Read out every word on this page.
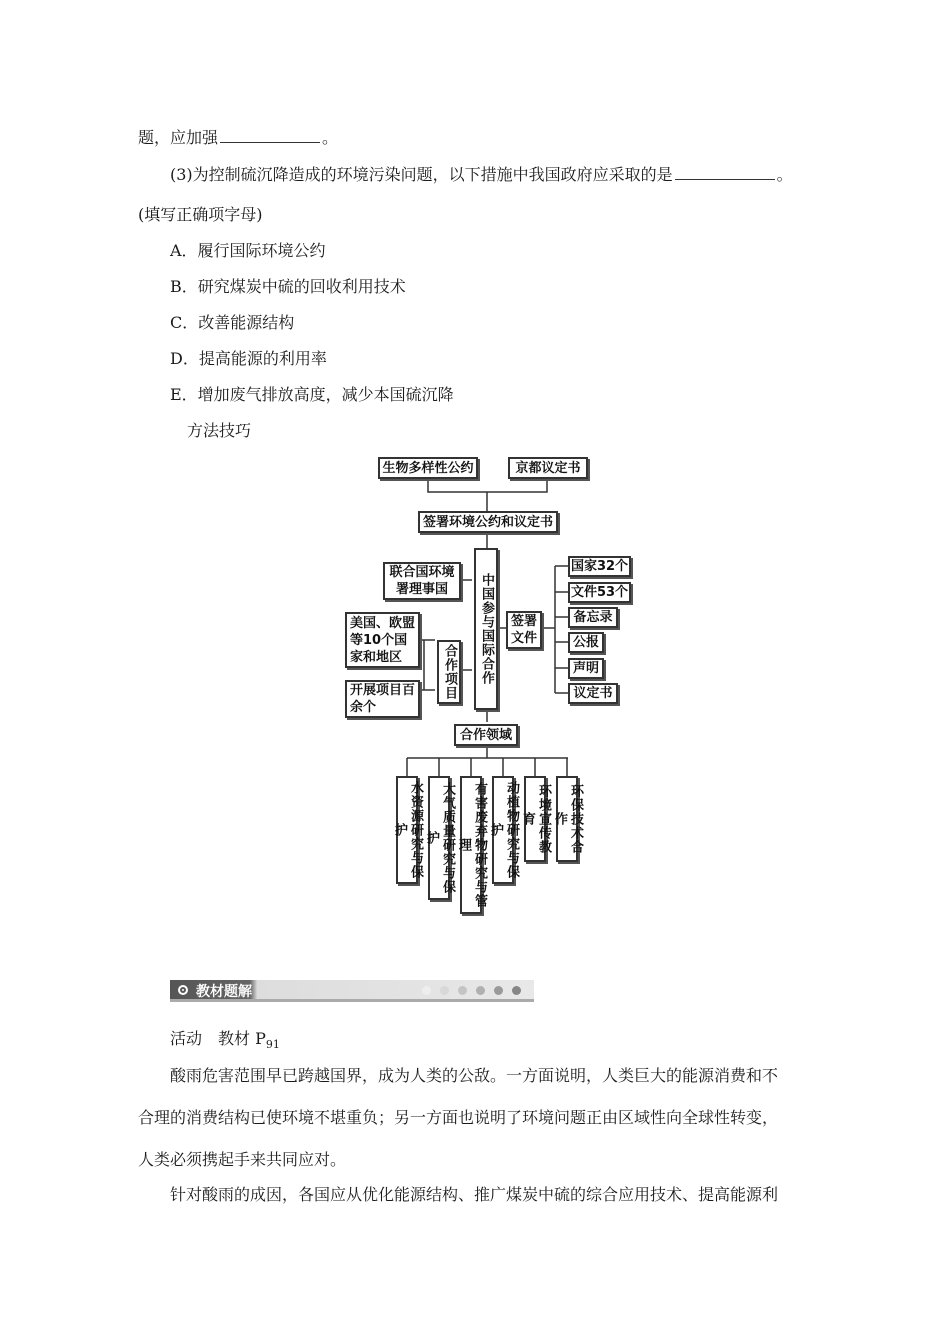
题，应加强	。
(3)为控制硫沉降造成的环境污染问题，以下措施中我国政府应采取的是	。
(填写正确项字母)
A．履行国际环境公约
B．研究煤炭中硫的回收利用技术
C．改善能源结构
D．提高能源的利用率
E．增加废气排放高度，减少本国硫沉降
方法技巧
生物多样性公约	京都议定书
签署环境公约和议定书
中国参与国际合作
联合国环境署理事国
美国、欧盟等10个国家和地区
开展项目百余个
合作项目
签署文件
国家32个
文件53个
备忘录
公报
声明
议定书
合作领域
水资源研究与保护	大气质量研究与保护	有害废弃物研究与管理	动植物研究与保护	环境宣传教育	环保技术合作
教材题解
活动　教材 $P_{91}$
酸雨危害范围早已跨越国界，成为人类的公敌。一方面说明，人类巨大的能源消费和不
合理的消费结构已使环境不堪重负；另一方面也说明了环境问题正由区域性向全球性转变，
人类必须携起手来共同应对。
针对酸雨的成因，各国应从优化能源结构、推广煤炭中硫的综合应用技术、提高能源利
